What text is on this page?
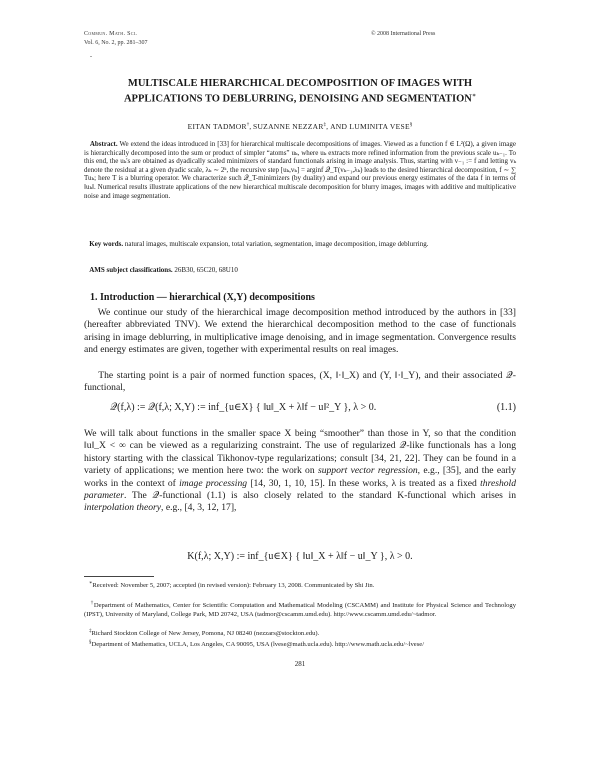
Commun. Math. Sci.
Vol. 6, No. 2, pp. 281–307
© 2008 International Press
.
MULTISCALE HIERARCHICAL DECOMPOSITION OF IMAGES WITH APPLICATIONS TO DEBLURRING, DENOISING AND SEGMENTATION∗
EITAN TADMOR†, SUZANNE NEZZAR‡, AND LUMINITA VESE§
Abstract. We extend the ideas introduced in [33] for hierarchical multiscale decompositions of images. Viewed as a function f ∈ L²(Ω), a given image is hierarchically decomposed into the sum or product of simpler “atoms” uₖ, where uₖ extracts more refined information from the previous scale uₖ₋₁. To this end, the uₖ's are obtained as dyadically scaled minimizers of standard functionals arising in image analysis. Thus, starting with v₋₁ := f and letting vₖ denote the residual at a given dyadic scale, λₖ ∼ 2ᵏ, the recursive step [uₖ,vₖ] = arginf 𝒬_T(vₖ₋₁,λₖ) leads to the desired hierarchical decomposition, f ∼ ∑ Tuₖ; here T is a blurring operator. We characterize such 𝒬_T-minimizers (by duality) and expand our previous energy estimates of the data f in terms of ‖uₖ‖. Numerical results illustrate applications of the new hierarchical multiscale decomposition for blurry images, images with additive and multiplicative noise and image segmentation.
Key words. natural images, multiscale expansion, total variation, segmentation, image decomposition, image deblurring.
AMS subject classifications. 26B30, 65C20, 68U10
1. Introduction — hierarchical (X,Y) decompositions
We continue our study of the hierarchical image decomposition method introduced by the authors in [33] (hereafter abbreviated TNV). We extend the hierarchical decomposition method to the case of functionals arising in image deblurring, in multiplicative image denoising, and in image segmentation. Convergence results and energy estimates are given, together with experimental results on real images.
The starting point is a pair of normed function spaces, (X, ‖·‖_X) and (Y, ‖·‖_Y), and their associated 𝒬-functional,
𝒬(f,λ) := 𝒬(f,λ; X,Y) := inf_{u∈X} { ‖u‖_X + λ‖f − u‖²_Y }, λ > 0.	(1.1)
We will talk about functions in the smaller space X being “smoother” than those in Y, so that the condition ‖u‖_X < ∞ can be viewed as a regularizing constraint. The use of regularized 𝒬-like functionals has a long history starting with the classical Tikhonov-type regularizations; consult [34, 21, 22]. They can be found in a variety of applications; we mention here two: the work on support vector regression, e.g., [35], and the early works in the context of image processing [14, 30, 1, 10, 15]. In these works, λ is treated as a fixed threshold parameter. The 𝒬-functional (1.1) is also closely related to the standard K-functional which arises in interpolation theory, e.g., [4, 3, 12, 17],
K(f,λ; X,Y) := inf_{u∈X} { ‖u‖_X + λ‖f − u‖_Y }, λ > 0.
∗Received: November 5, 2007; accepted (in revised version): February 13, 2008. Communicated by Shi Jin.
†Department of Mathematics, Center for Scientific Computation and Mathematical Modeling (CSCAMM) and Institute for Physical Science and Technology (IPST), University of Maryland, College Park, MD 20742, USA (tadmor@cscamm.umd.edu). http://www.cscamm.umd.edu/~tadmor.
‡Richard Stockton College of New Jersey, Pomona, NJ 08240 (nezzars@stockton.edu).
§Department of Mathematics, UCLA, Los Angeles, CA 90095, USA (lvese@math.ucla.edu). http://www.math.ucla.edu/~lvese/
281
